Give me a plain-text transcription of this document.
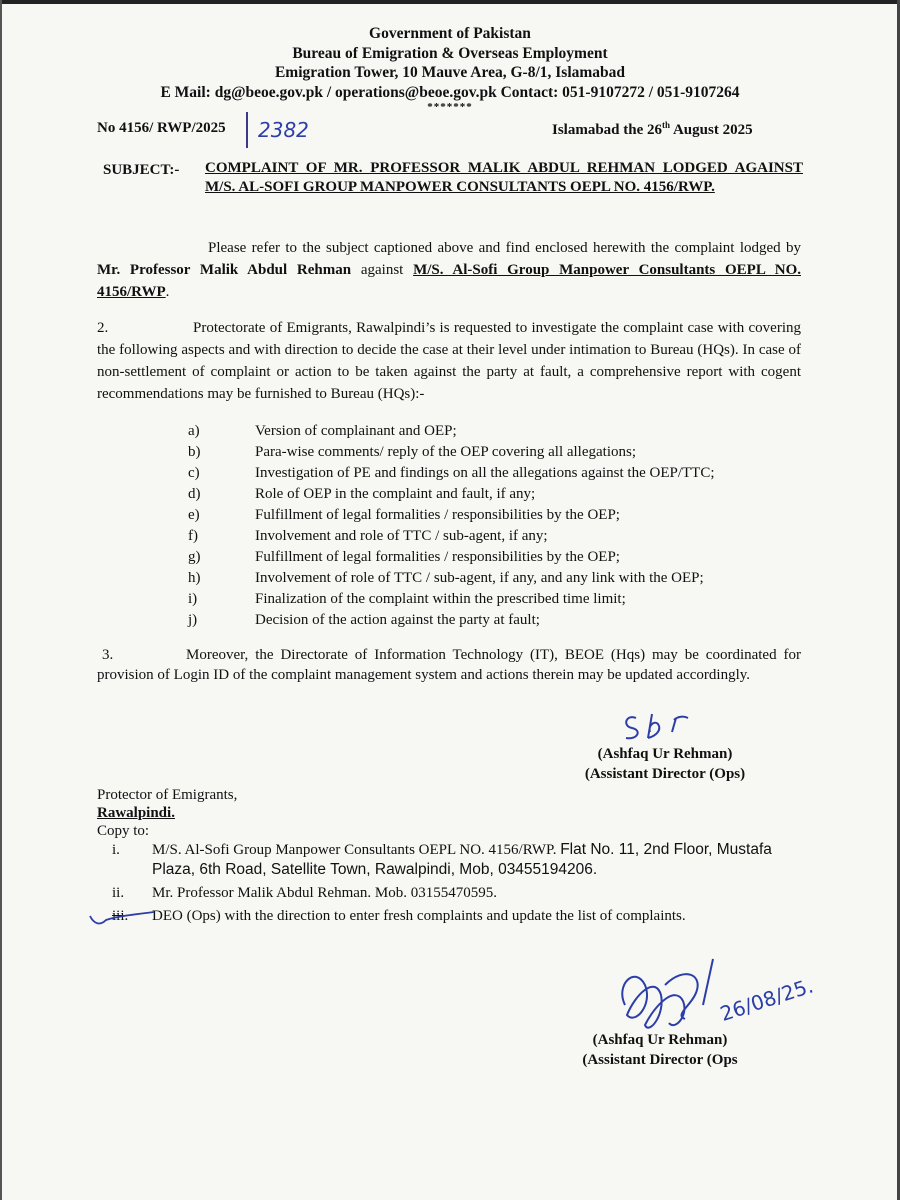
Government of Pakistan
Bureau of Emigration & Overseas Employment
Emigration Tower, 10 Mauve Area, G-8/1, Islamabad
E Mail: dg@beoe.gov.pk / operations@beoe.gov.pk Contact: 051-9107272 / 051-9107264
*******
No 4156/ RWP/2025 2382	Islamabad the 26th August 2025
SUBJECT:- COMPLAINT OF MR. PROFESSOR MALIK ABDUL REHMAN LODGED AGAINST M/S. AL-SOFI GROUP MANPOWER CONSULTANTS OEPL NO. 4156/RWP.
Please refer to the subject captioned above and find enclosed herewith the complaint lodged by Mr. Professor Malik Abdul Rehman against M/S. Al-Sofi Group Manpower Consultants OEPL NO. 4156/RWP.
2.	Protectorate of Emigrants, Rawalpindi’s is requested to investigate the complaint case with covering the following aspects and with direction to decide the case at their level under intimation to Bureau (HQs). In case of non-settlement of complaint or action to be taken against the party at fault, a comprehensive report with cogent recommendations may be furnished to Bureau (HQs):-
a)	Version of complainant and OEP;
b)	Para-wise comments/ reply of the OEP covering all allegations;
c)	Investigation of PE and findings on all the allegations against the OEP/TTC;
d)	Role of OEP in the complaint and fault, if any;
e)	Fulfillment of legal formalities / responsibilities by the OEP;
f)	Involvement and role of TTC / sub-agent, if any;
g)	Fulfillment of legal formalities / responsibilities by the OEP;
h)	Involvement of role of TTC / sub-agent, if any, and any link with the OEP;
i)	Finalization of the complaint within the prescribed time limit;
j)	Decision of the action against the party at fault;
3.	Moreover, the Directorate of Information Technology (IT), BEOE (Hqs) may be coordinated for provision of Login ID of the complaint management system and actions therein may be updated accordingly.
(Ashfaq Ur Rehman)
(Assistant Director (Ops)
Protector of Emigrants,
Rawalpindi.
Copy to:
i.	M/S. Al-Sofi Group Manpower Consultants OEPL NO. 4156/RWP. Flat No. 11, 2nd Floor, Mustafa Plaza, 6th Road, Satellite Town, Rawalpindi, Mob, 03455194206.
ii.	Mr. Professor Malik Abdul Rehman. Mob. 03155470595.
iii.	DEO (Ops) with the direction to enter fresh complaints and update the list of complaints.
26/08/25.
(Ashfaq Ur Rehman)
(Assistant Director (Ops
